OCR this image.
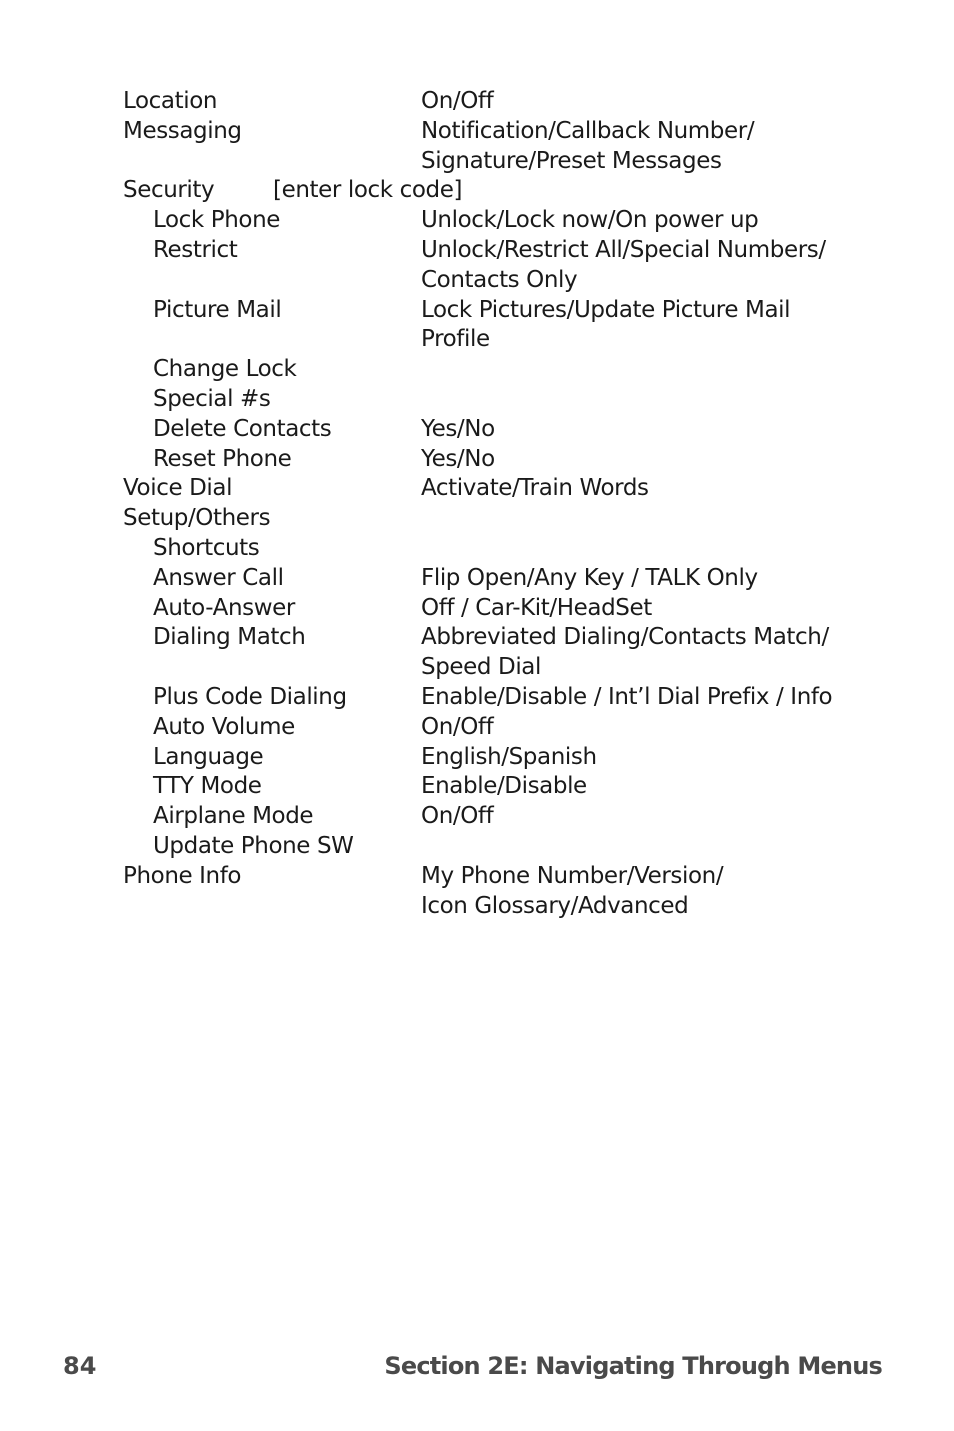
Location	On/Off
Messaging	Notification/Callback Number/
Signature/Preset Messages
Security	[enter lock code]
Lock Phone	Unlock/Lock now/On power up
Restrict	Unlock/Restrict All/Special Numbers/
Contacts Only
Picture Mail	Lock Pictures/Update Picture Mail
Profile
Change Lock
Special #s
Delete Contacts	Yes/No
Reset Phone	Yes/No
Voice Dial	Activate/Train Words
Setup/Others
Shortcuts
Answer Call	Flip Open/Any Key / TALK Only
Auto-Answer	Off / Car-Kit/HeadSet
Dialing Match	Abbreviated Dialing/Contacts Match/
Speed Dial
Plus Code Dialing	Enable/Disable / Int’l Dial Prefix / Info
Auto Volume	On/Off
Language	English/Spanish
TTY Mode	Enable/Disable
Airplane Mode	On/Off
Update Phone SW
Phone Info	My Phone Number/Version/
Icon Glossary/Advanced
84	Section 2E: Navigating Through Menus
